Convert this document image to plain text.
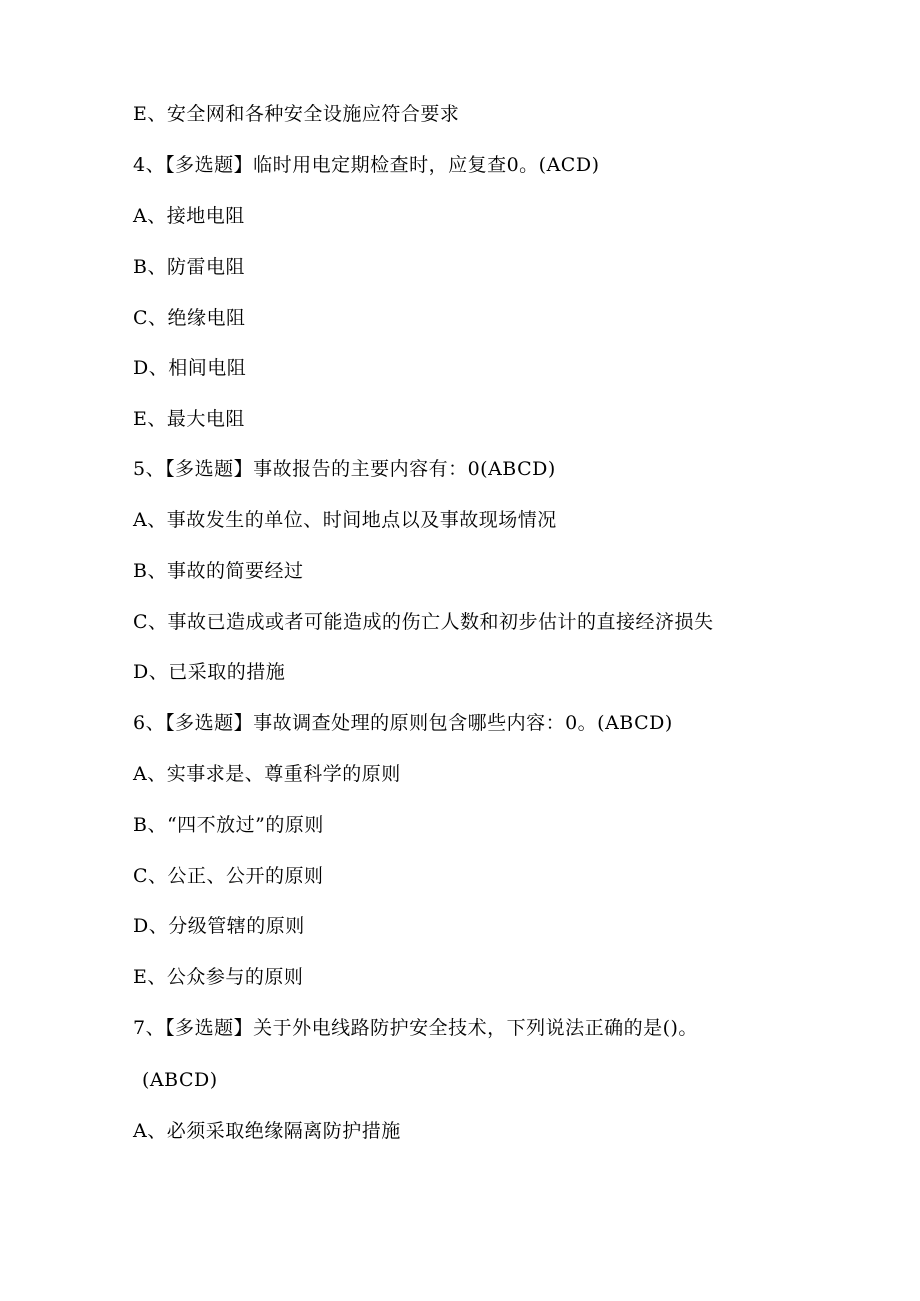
E、安全网和各种安全设施应符合要求
4、【多选题】临时用电定期检查时，应复查0。(ACD)
A、接地电阻
B、防雷电阻
C、绝缘电阻
D、相间电阻
E、最大电阻
5、【多选题】事故报告的主要内容有：0(ABCD)
A、事故发生的单位、时间地点以及事故现场情况
B、事故的简要经过
C、事故已造成或者可能造成的伤亡人数和初步估计的直接经济损失
D、已采取的措施
6、【多选题】事故调查处理的原则包含哪些内容：0。(ABCD)
A、实事求是、尊重科学的原则
B、“四不放过”的原则
C、公正、公开的原则
D、分级管辖的原则
E、公众参与的原则
7、【多选题】关于外电线路防护安全技术，下列说法正确的是()。
(ABCD)
A、必须采取绝缘隔离防护措施
